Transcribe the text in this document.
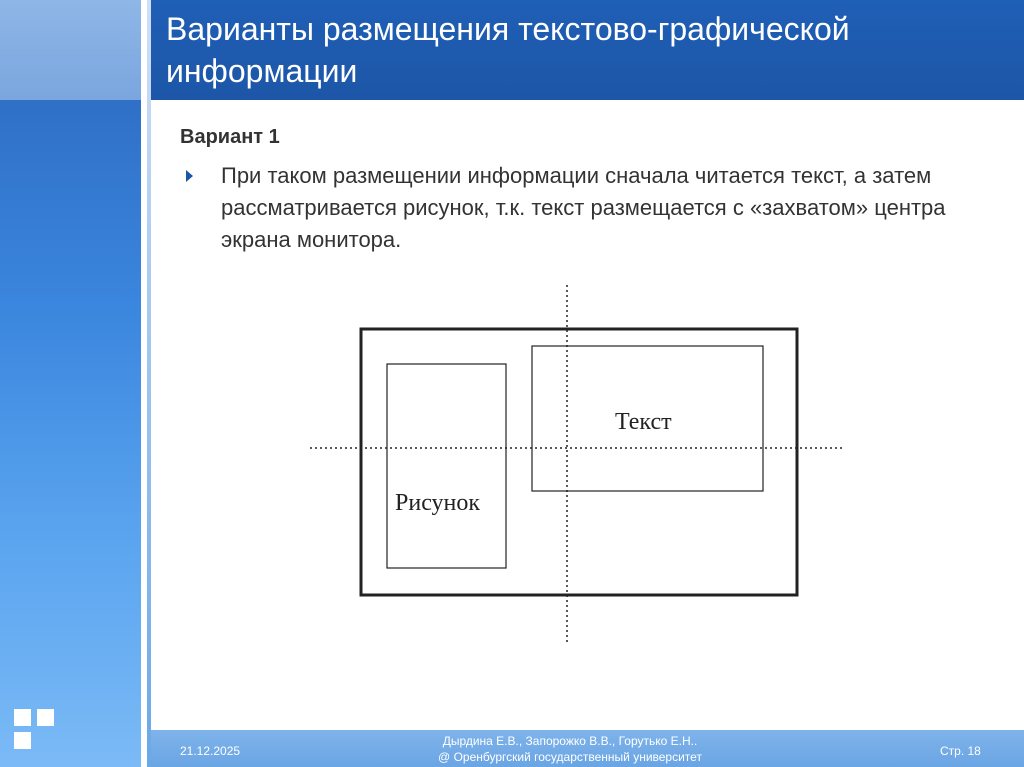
Варианты размещения текстово-графической информации
Вариант 1
При таком размещении информации сначала читается текст, а затем рассматривается рисунок, т.к. текст размещается с «захватом» центра экрана монитора.
Текст
Рисунок
21.12.2025
Дырдина Е.В., Запорожко В.В., Горутько Е.Н..
@ Оренбургский государственный университет	Стр. 18
